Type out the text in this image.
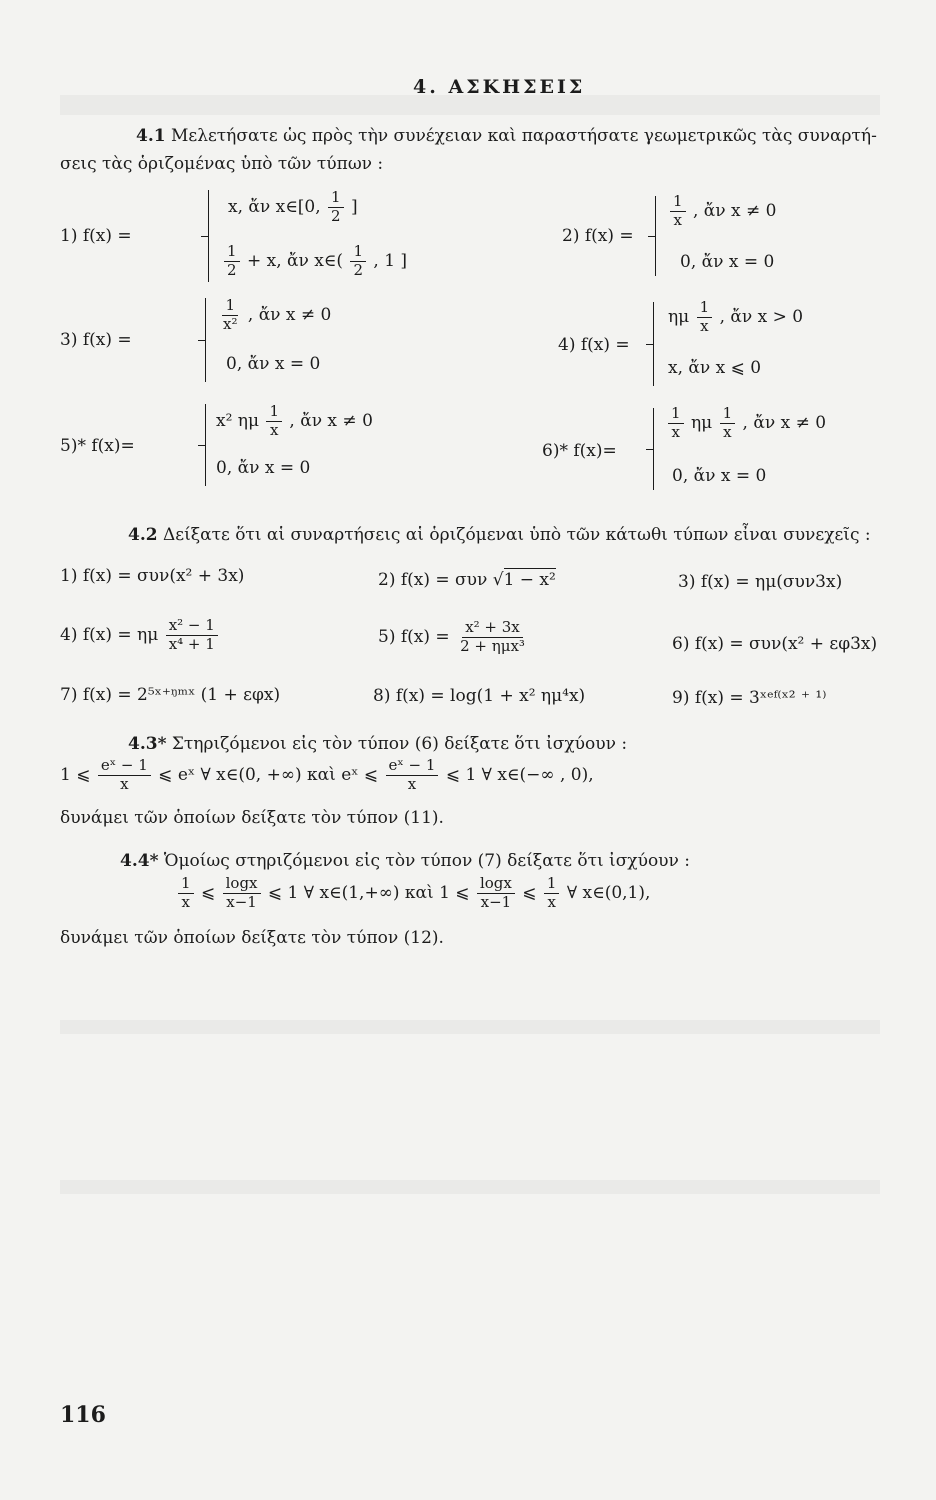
4. ΑΣΚΗΣΕΙΣ
4.1 Μελετήσατε ὡς πρὸς τὴν συνέχειαν καὶ παραστήσατε γεωμετρικῶς τὰς συναρτή-
σεις τὰς ὁριζομένας ὑπὸ τῶν τύπων :
1) f(x) =
x, ἄν x∈[0, $\frac{1}{2}$ ]
$\frac{1}{2} + x$, ἄν x∈( $\frac{1}{2}$ , 1 ]
2) f(x) =
$\frac{1}{x}$ , ἄν x ≠ 0
0, ἄν x = 0
3) f(x) =
$\frac{1}{\text{x²}}$ , ἄν x ≠ 0
0, ἄν x = 0
4) f(x) =
ημ $\frac{1}{x}$ , ἄν x > 0
x, ἄν x ⩽ 0
5)* f(x)=
x² ημ $\frac{1}{x}$ , ἄν x ≠ 0
0, ἄν x = 0
6)* f(x)=
$\frac{1}{x}$ ημ $\frac{1}{x}$ , ἄν x ≠ 0
0, ἄν x = 0
4.2 Δείξατε ὅτι αἱ συναρτήσεις αἱ ὁριζόμεναι ὑπὸ τῶν κάτωθι τύπων εἶναι συνεχεῖς :
1) f(x) = συν(x² + 3x)	2) f(x) = συν √1 − x²	3) f(x) = ημ(συν3x)
4) f(x) = ημ $\frac{\text{x² − 1}}{\text{x⁴ + 1}}$	5) $f(x) = \frac{\text{x² + 3x}}{\text{2 + ημx³}}$	6) f(x) = συν(x² + εφ3x)
7) f(x) = 2⁵ˣ⁺ᵑᵐˣ (1 + εφx)	8) f(x) = log(1 + x² ημ⁴x)	9) f(x) = 3ˣᵉᶠ⁽ˣ² ⁺ ¹⁾
4.3* Στηριζόμενοι εἰς τὸν τύπον (6) δείξατε ὅτι ἰσχύουν :
1 ⩽ $\frac{\text{eˣ − 1}}{x}$ ⩽ eˣ ∀ x∈(0, +∞) καὶ eˣ ⩽ $\frac{\text{eˣ − 1}}{x}$ ⩽ 1 ∀ x∈(−∞ , 0),
δυνάμει τῶν ὁποίων δείξατε τὸν τύπον (11).
4.4* Ὁμοίως στηριζόμενοι εἰς τὸν τύπον (7) δείξατε ὅτι ἰσχύουν :
$\frac{1}{x}$ ⩽ $\frac{\log x}{x-1}$ ⩽ 1 ∀ x∈(1,+∞) καὶ 1 ⩽ $\frac{\log x}{x-1}$ ⩽ $\frac{1}{x}$ ∀ x∈(0,1),
δυνάμει τῶν ὁποίων δείξατε τὸν τύπον (12).
116
